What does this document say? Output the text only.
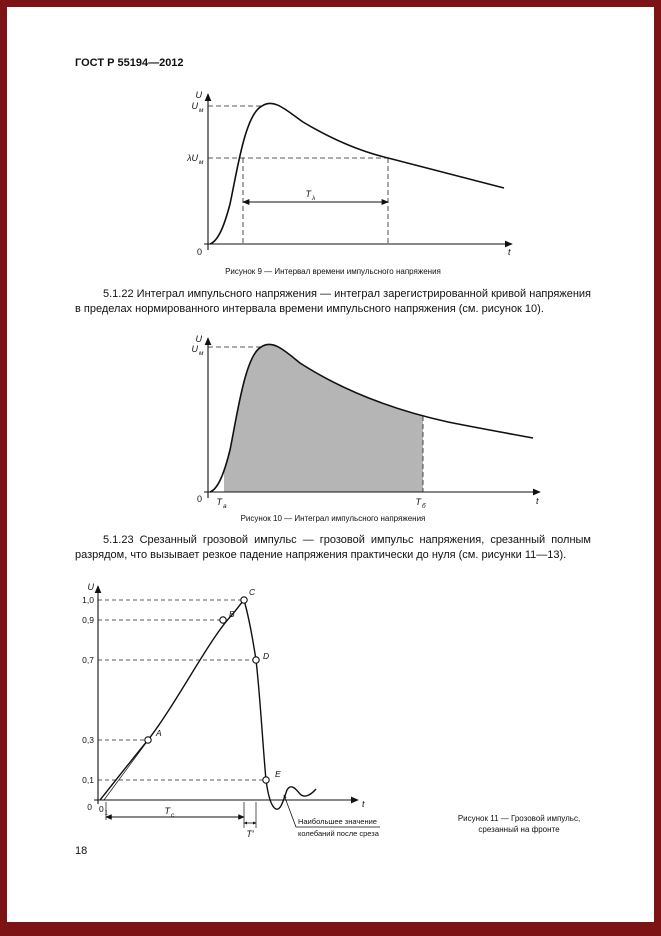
ГОСТ Р 55194—2012
U
U м
λU м
T λ
0	t
Рисунок 9 — Интервал времени импульсного напряжения

5.1.22 Интеграл импульсного напряжения — интеграл зарегистрированной кривой напряжения в пределах нормированного интервала времени импульсного напряжения (см. рисунок 10).

U
U м
0 T а	T б
t
Рисунок 10 — Интеграл импульсного напряжения

5.1.23 Срезанный грозовой импульс — грозовой импульс напряжения, срезанный полным разрядом, что вызывает резкое падение напряжения практически до нуля (см. рисунки 11—13).

U
1,0
0,9
0,7
0,3
0,1
0 0 1
A
B
C
D
E
T с
T′
Наибольшее значение
колебаний после среза
t
Рисунок 11 — Грозовой импульс,
срезанный на фронте
18
